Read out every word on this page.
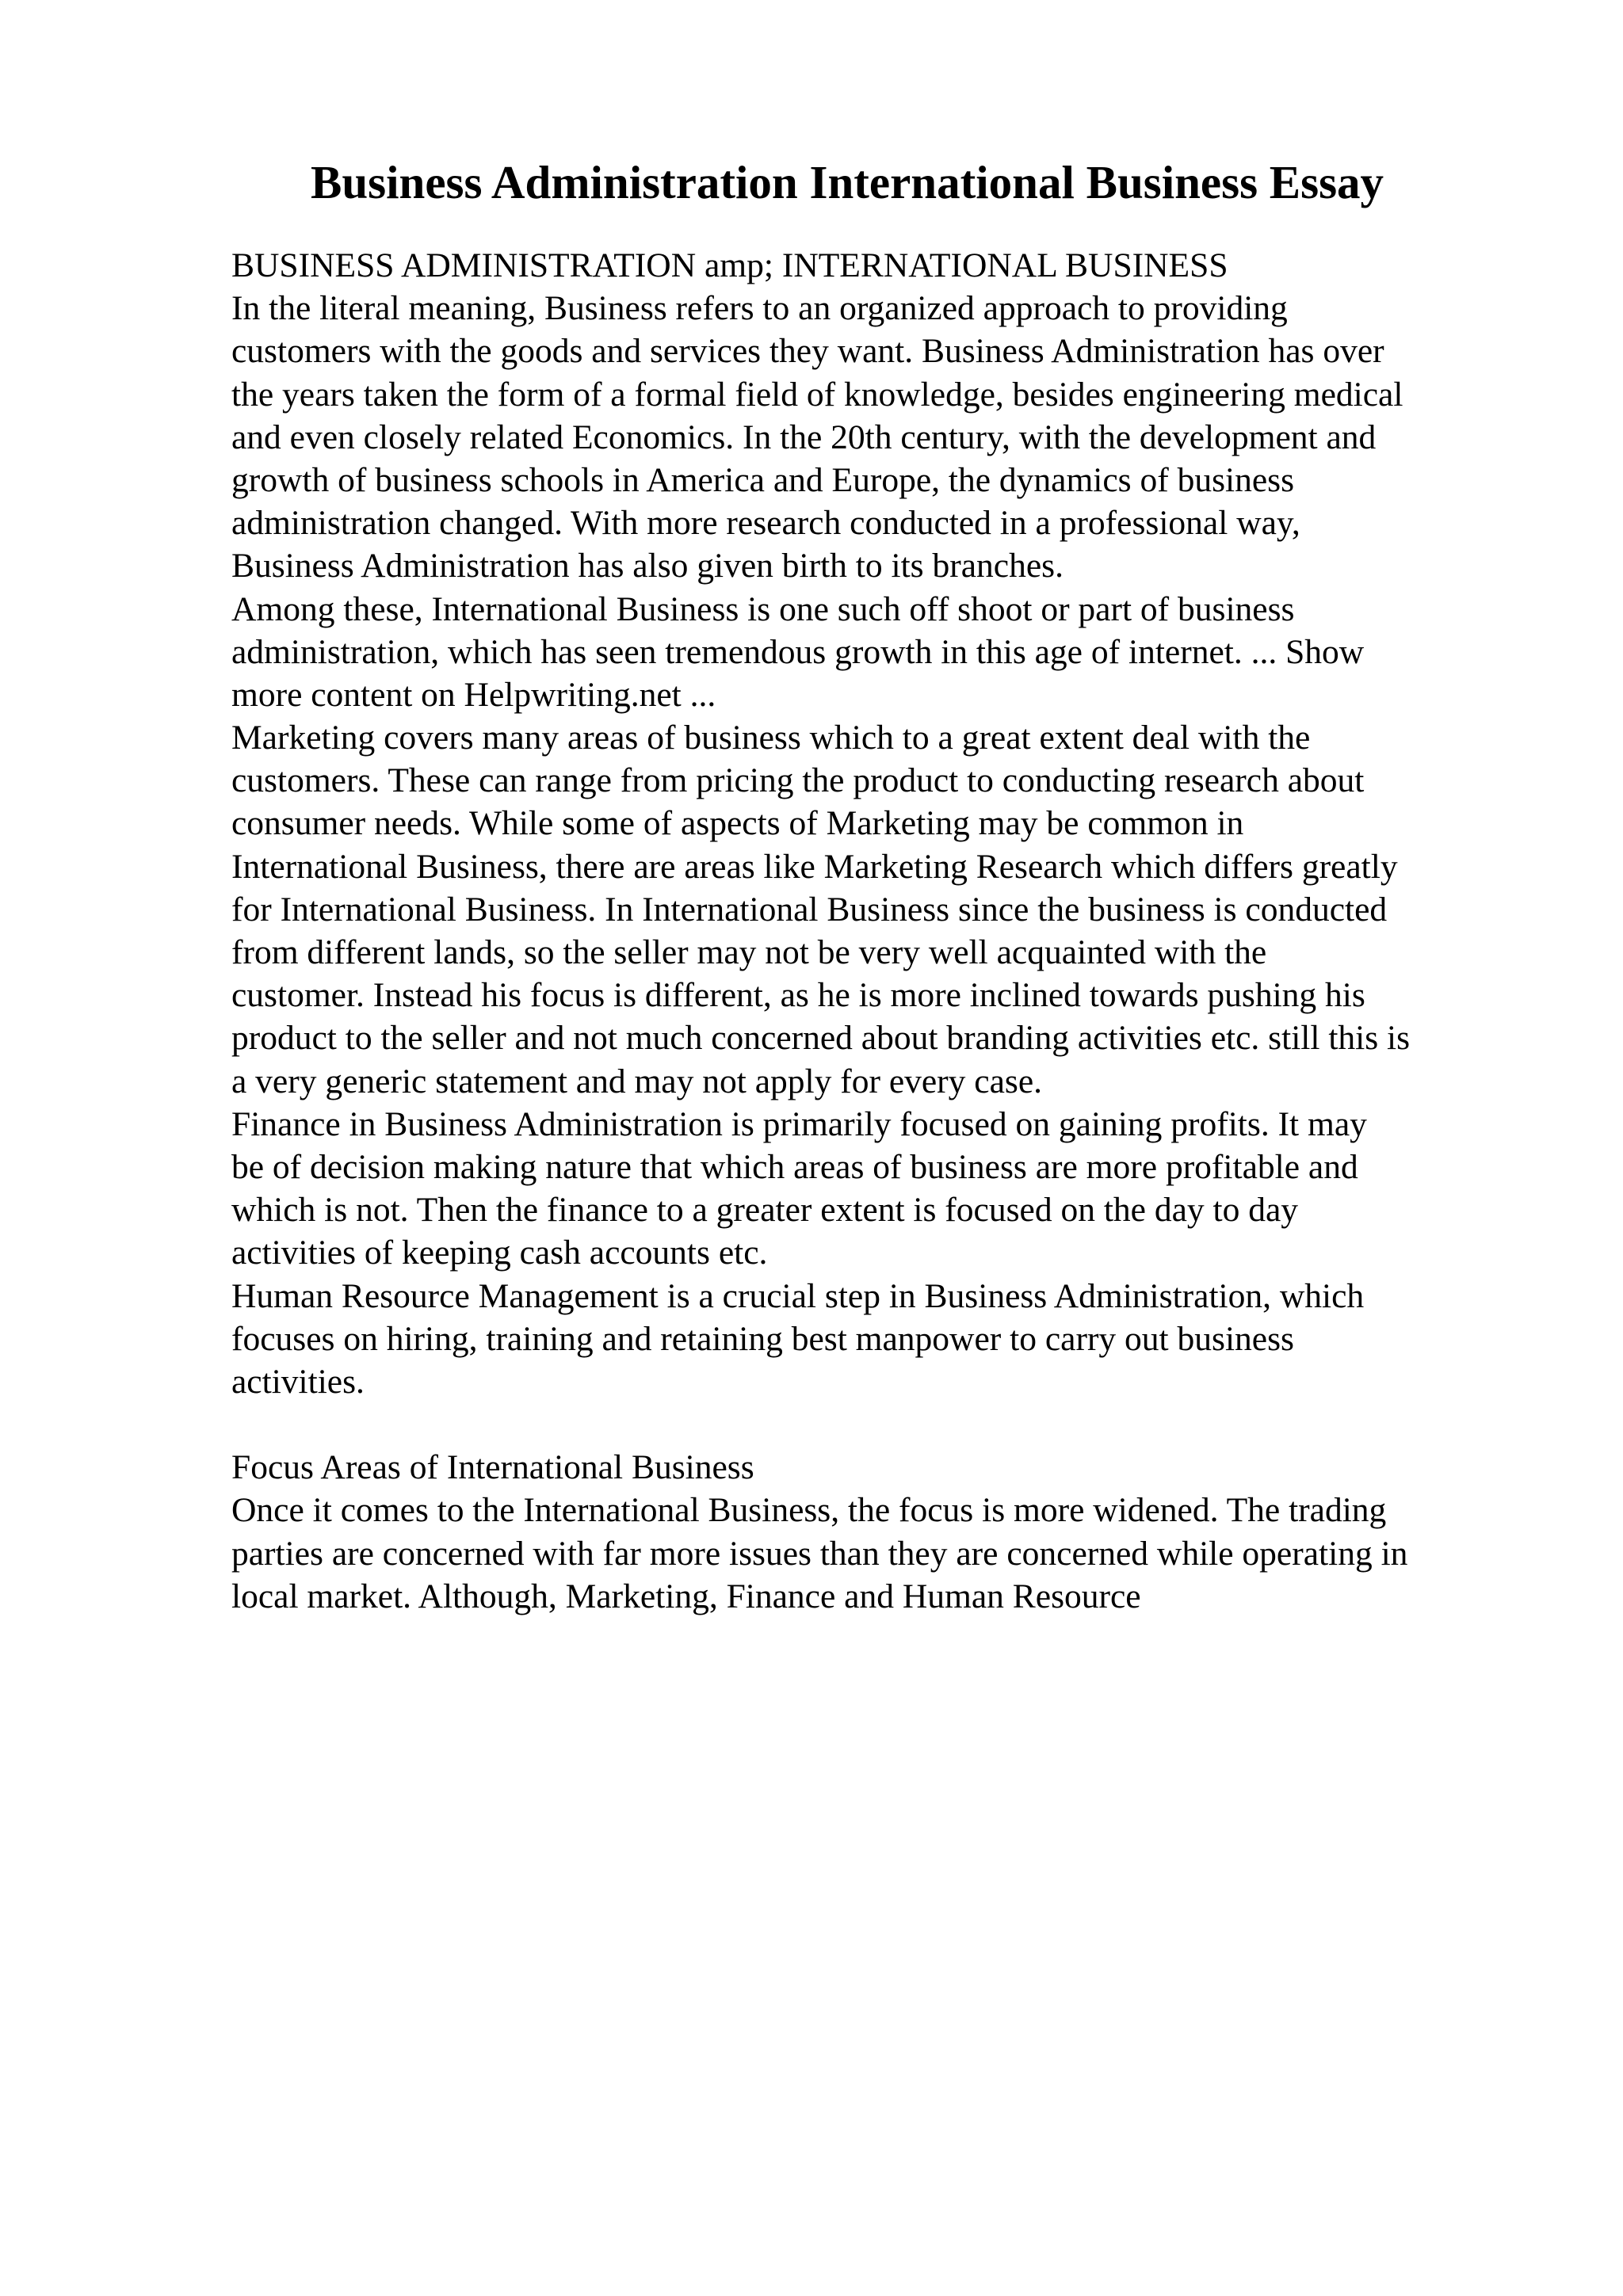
Business Administration International Business Essay
BUSINESS ADMINISTRATION amp; INTERNATIONAL BUSINESS
In the literal meaning, Business refers to an organized approach to providing
customers with the goods and services they want. Business Administration has over
the years taken the form of a formal field of knowledge, besides engineering medical
and even closely related Economics. In the 20th century, with the development and
growth of business schools in America and Europe, the dynamics of business
administration changed. With more research conducted in a professional way,
Business Administration has also given birth to its branches.
Among these, International Business is one such off shoot or part of business
administration, which has seen tremendous growth in this age of internet. ... Show
more content on Helpwriting.net ...
Marketing covers many areas of business which to a great extent deal with the
customers. These can range from pricing the product to conducting research about
consumer needs. While some of aspects of Marketing may be common in
International Business, there are areas like Marketing Research which differs greatly
for International Business. In International Business since the business is conducted
from different lands, so the seller may not be very well acquainted with the
customer. Instead his focus is different, as he is more inclined towards pushing his
product to the seller and not much concerned about branding activities etc. still this is
a very generic statement and may not apply for every case.
Finance in Business Administration is primarily focused on gaining profits. It may
be of decision making nature that which areas of business are more profitable and
which is not. Then the finance to a greater extent is focused on the day to day
activities of keeping cash accounts etc.
Human Resource Management is a crucial step in Business Administration, which
focuses on hiring, training and retaining best manpower to carry out business
activities.
Focus Areas of International Business
Once it comes to the International Business, the focus is more widened. The trading
parties are concerned with far more issues than they are concerned while operating in
local market. Although, Marketing, Finance and Human Resource
